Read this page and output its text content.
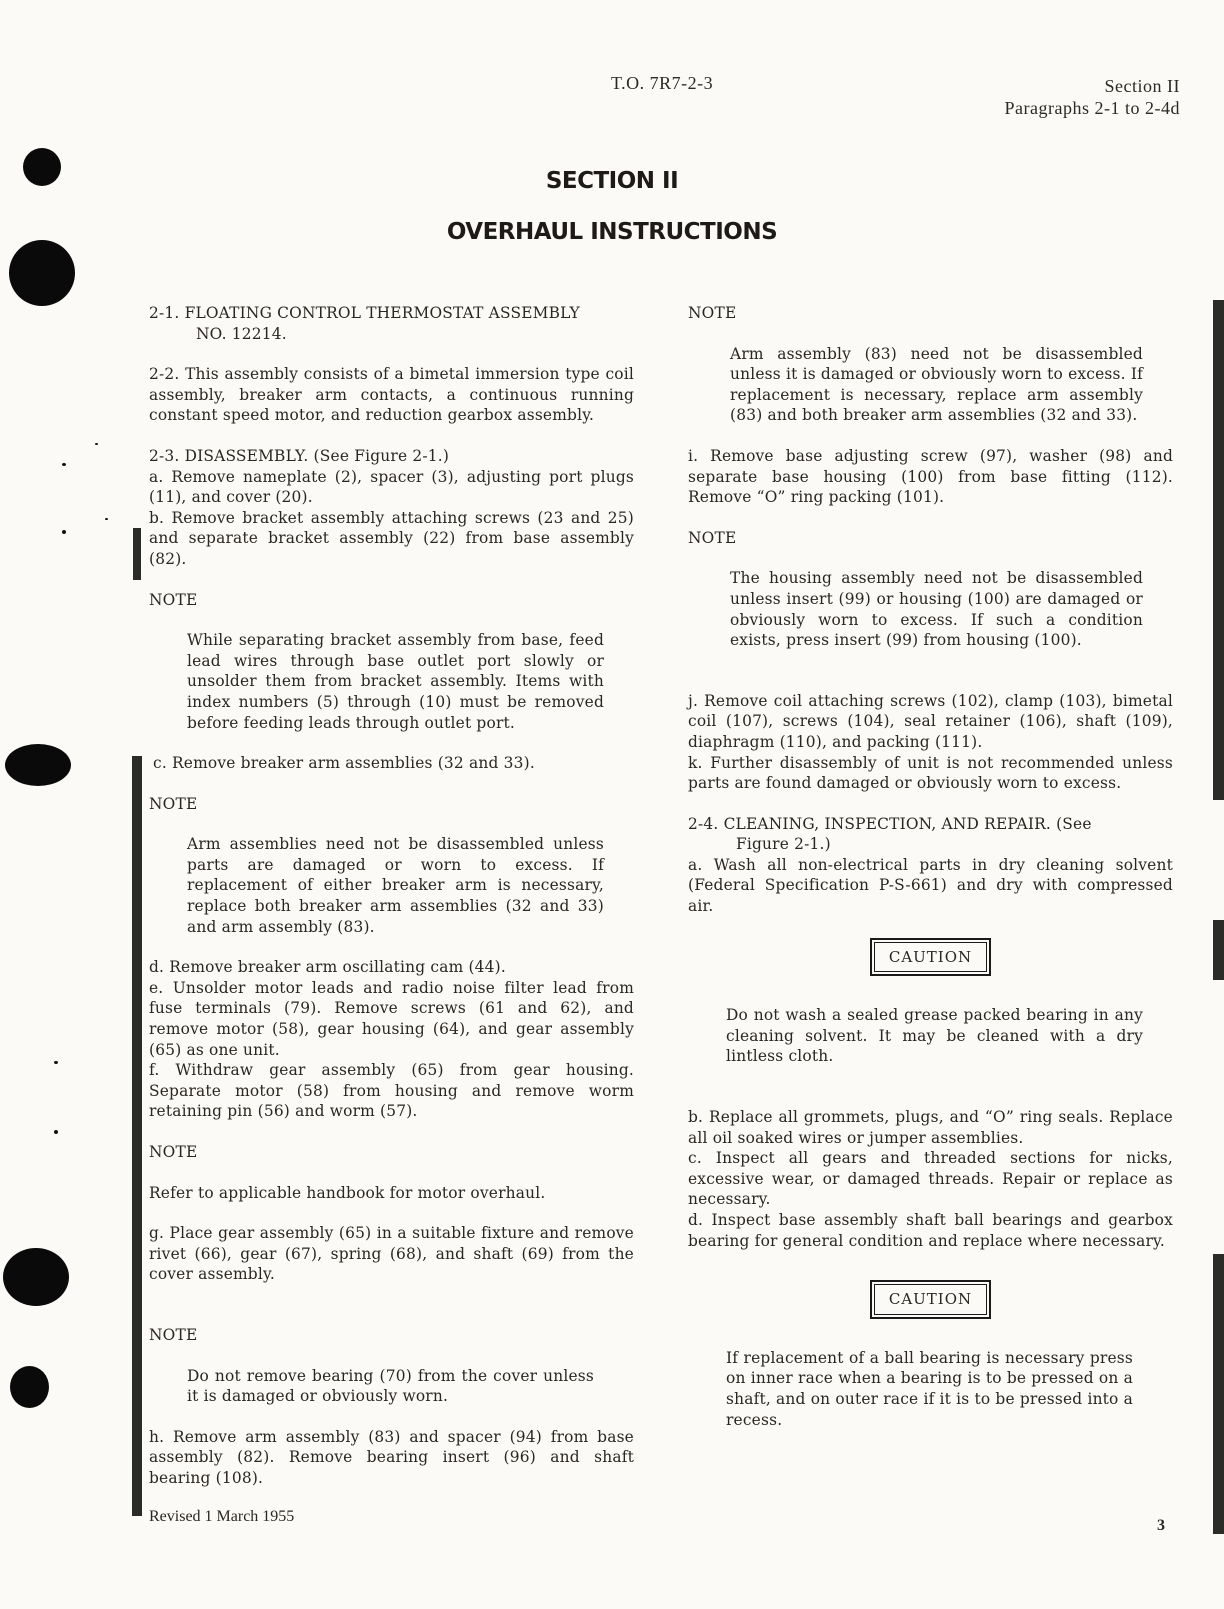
T.O. 7R7-2-3	Section II
Paragraphs 2-1 to 2-4d
SECTION II
OVERHAUL INSTRUCTIONS

2-1. FLOATING CONTROL THERMOSTAT ASSEMBLY

NO. 12214.

2-2. This assembly consists of a bimetal immersion type coil assembly, breaker arm contacts, a continuous running constant speed motor, and reduction gearbox assembly.

2-3. DISASSEMBLY. (See Figure 2-1.)

a. Remove nameplate (2), spacer (3), adjusting port plugs (11), and cover (20).

b. Remove bracket assembly attaching screws (23 and 25) and separate bracket assembly (22) from base assembly (82).

NOTE

While separating bracket assembly from base, feed lead wires through base outlet port slowly or unsolder them from bracket assembly. Items with index numbers (5) through (10) must be removed before feeding leads through outlet port.

c. Remove breaker arm assemblies (32 and 33).

NOTE

Arm assemblies need not be disassembled unless parts are damaged or worn to excess. If replacement of either breaker arm is necessary, replace both breaker arm assemblies (32 and 33) and arm assembly (83).

d. Remove breaker arm oscillating cam (44).

e. Unsolder motor leads and radio noise filter lead from fuse terminals (79). Remove screws (61 and 62), and remove motor (58), gear housing (64), and gear assembly (65) as one unit.

f. Withdraw gear assembly (65) from gear housing. Separate motor (58) from housing and remove worm retaining pin (56) and worm (57).

NOTE

Refer to applicable handbook for motor overhaul.

g. Place gear assembly (65) in a suitable fixture and remove rivet (66), gear (67), spring (68), and shaft (69) from the cover assembly.

NOTE

Do not remove bearing (70) from the cover unless it is damaged or obviously worn.

h. Remove arm assembly (83) and spacer (94) from base assembly (82). Remove bearing insert (96) and shaft bearing (108).

NOTE

Arm assembly (83) need not be disassembled unless it is damaged or obviously worn to excess. If replacement is necessary, replace arm assembly (83) and both breaker arm assemblies (32 and 33).

i. Remove base adjusting screw (97), washer (98) and separate base housing (100) from base fitting (112). Remove “O” ring packing (101).

NOTE

The housing assembly need not be disassembled unless insert (99) or housing (100) are damaged or obviously worn to excess. If such a condition exists, press insert (99) from housing (100).

j. Remove coil attaching screws (102), clamp (103), bimetal coil (107), screws (104), seal retainer (106), shaft (109), diaphragm (110), and packing (111).

k. Further disassembly of unit is not recommended unless parts are found damaged or obviously worn to excess.

2-4. CLEANING, INSPECTION, AND REPAIR. (See

Figure 2-1.)

a. Wash all non-electrical parts in dry cleaning solvent (Federal Specification P-S-661) and dry with compressed air.

CAUTION

Do not wash a sealed grease packed bearing in any cleaning solvent. It may be cleaned with a dry lintless cloth.

b. Replace all grommets, plugs, and “O” ring seals. Replace all oil soaked wires or jumper assemblies.

c. Inspect all gears and threaded sections for nicks, excessive wear, or damaged threads. Repair or replace as necessary.

d. Inspect base assembly shaft ball bearings and gearbox bearing for general condition and replace where necessary.

CAUTION

If replacement of a ball bearing is necessary press on inner race when a bearing is to be pressed on a shaft, and on outer race if it is to be pressed into a recess.

Revised 1 March 1955
3
